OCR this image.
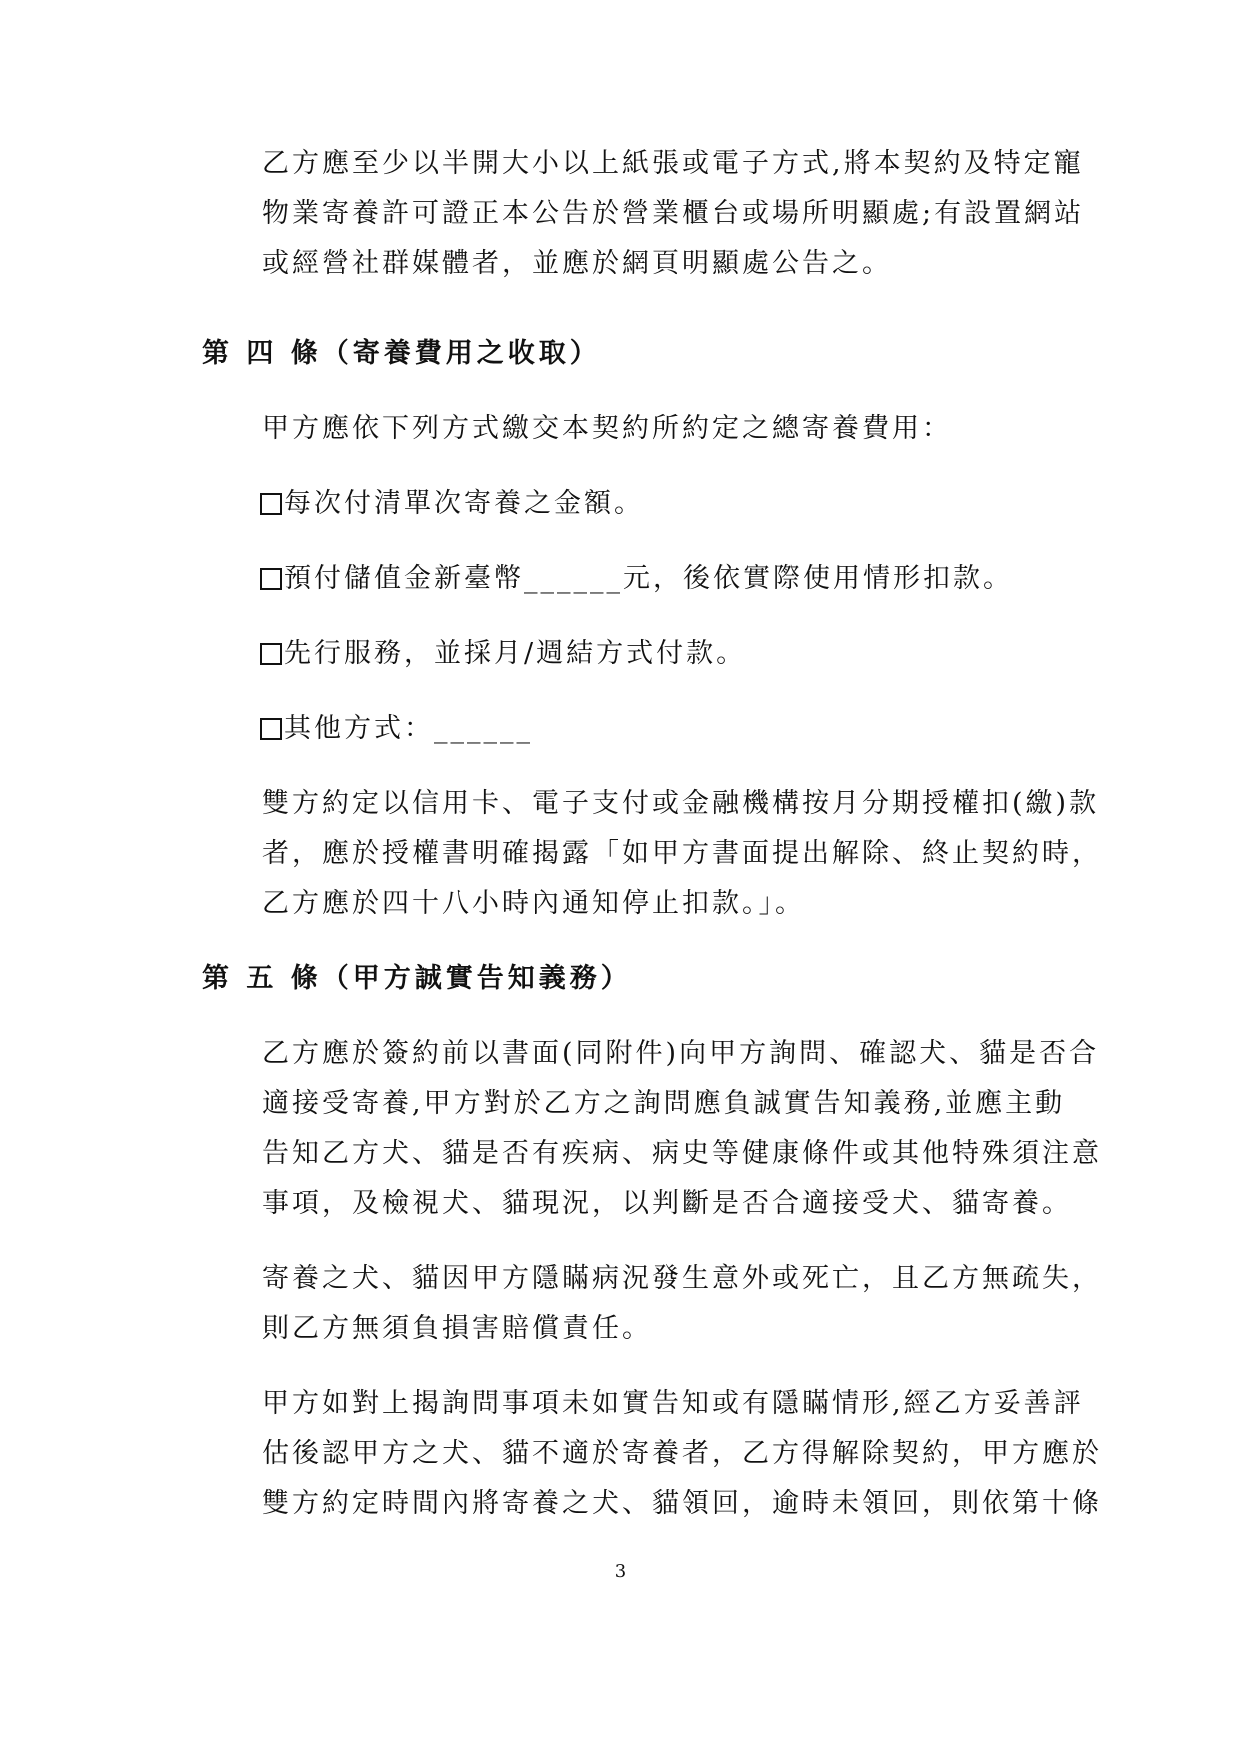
乙方應至少以半開大小以上紙張或電子方式,將本契約及特定寵
物業寄養許可證正本公告於營業櫃台或場所明顯處;有設置網站
或經營社群媒體者，並應於網頁明顯處公告之。
第 四 條（寄養費用之收取）
甲方應依下列方式繳交本契約所約定之總寄養費用：
每次付清單次寄養之金額。
預付儲值金新臺幣______元，後依實際使用情形扣款。
先行服務，並採月/週結方式付款。
其他方式：______
雙方約定以信用卡、電子支付或金融機構按月分期授權扣(繳)款
者，應於授權書明確揭露「如甲方書面提出解除、終止契約時，
乙方應於四十八小時內通知停止扣款。」。
第 五 條（甲方誠實告知義務）
乙方應於簽約前以書面(同附件)向甲方詢問、確認犬、貓是否合
適接受寄養,甲方對於乙方之詢問應負誠實告知義務,並應主動
告知乙方犬、貓是否有疾病、病史等健康條件或其他特殊須注意
事項，及檢視犬、貓現況，以判斷是否合適接受犬、貓寄養。
寄養之犬、貓因甲方隱瞞病況發生意外或死亡，且乙方無疏失，
則乙方無須負損害賠償責任。
甲方如對上揭詢問事項未如實告知或有隱瞞情形,經乙方妥善評
估後認甲方之犬、貓不適於寄養者，乙方得解除契約，甲方應於
雙方約定時間內將寄養之犬、貓領回，逾時未領回，則依第十條
3
